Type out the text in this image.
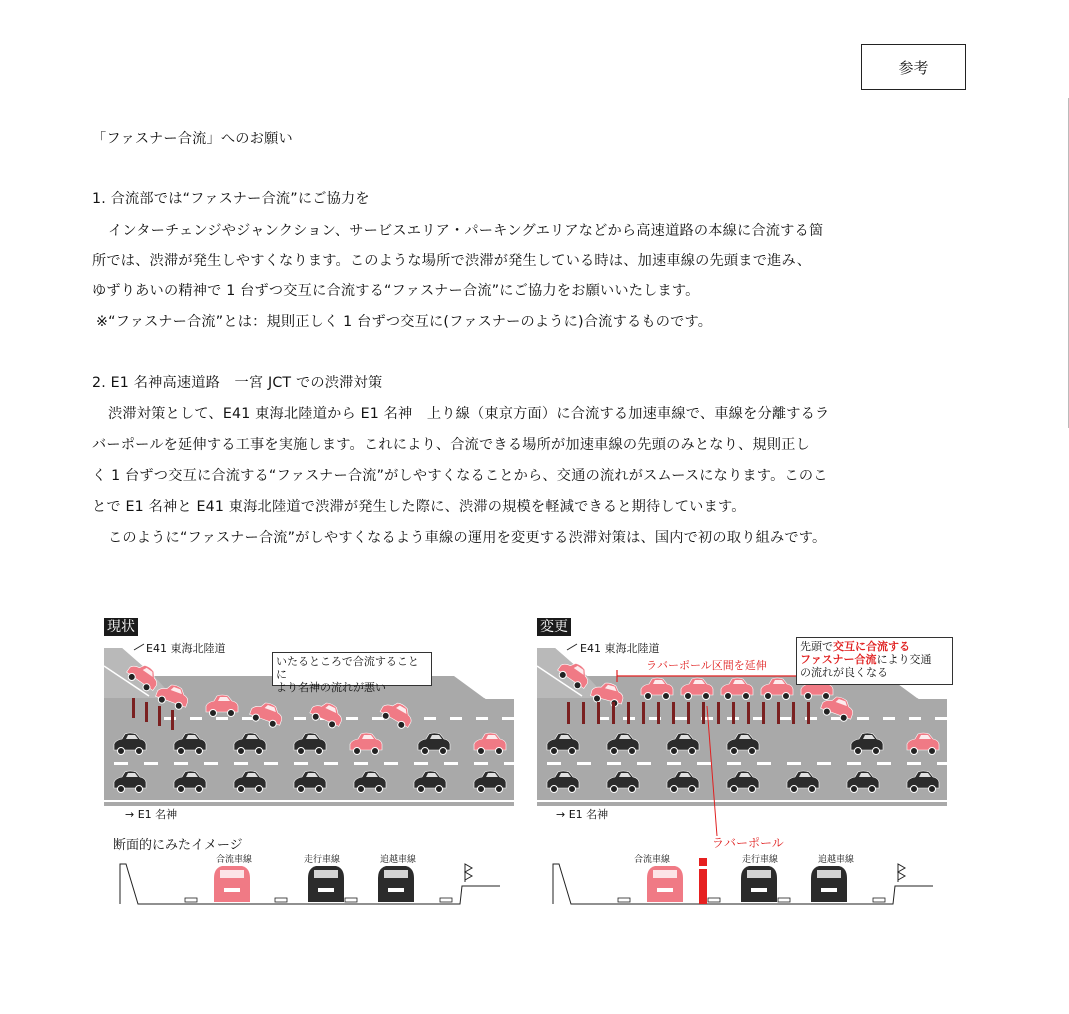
参考
「ファスナー合流」へのお願い
1. 合流部では“ファスナー合流”にご協力を
インターチェンジやジャンクション、サービスエリア・パーキングエリアなどから高速道路の本線に合流する箇
所では、渋滞が発生しやすくなります。このような場所で渋滞が発生している時は、加速車線の先頭まで進み、
ゆずりあいの精神で 1 台ずつ交互に合流する“ファスナー合流”にご協力をお願いいたします。
※“ファスナー合流”とは：規則正しく 1 台ずつ交互に(ファスナーのように)合流するものです。
2. E1 名神高速道路　一宮 JCT での渋滞対策
渋滞対策として、E41 東海北陸道から E1 名神　上り線（東京方面）に合流する加速車線で、車線を分離するラ
バーポールを延伸する工事を実施します。これにより、合流できる場所が加速車線の先頭のみとなり、規則正し
く 1 台ずつ交互に合流する“ファスナー合流”がしやすくなることから、交通の流れがスムースになります。このこ
とで E1 名神と E41 東海北陸道で渋滞が発生した際に、渋滞の規模を軽減できると期待しています。
このように“ファスナー合流”がしやすくなるよう車線の運用を変更する渋滞対策は、国内で初の取り組みです。
現状
E41 東海北陸道
いたるところで合流することに
より名神の流れが悪い
→ E1 名神
断面的にみたイメージ
合流車線	走行車線	追越車線
変更
E41 東海北陸道
ラバーポール区間を延伸
先頭で交互に合流する
ファスナー合流により交通
の流れが良くなる
→ E1 名神
ラバーポール
合流車線	走行車線	追越車線
